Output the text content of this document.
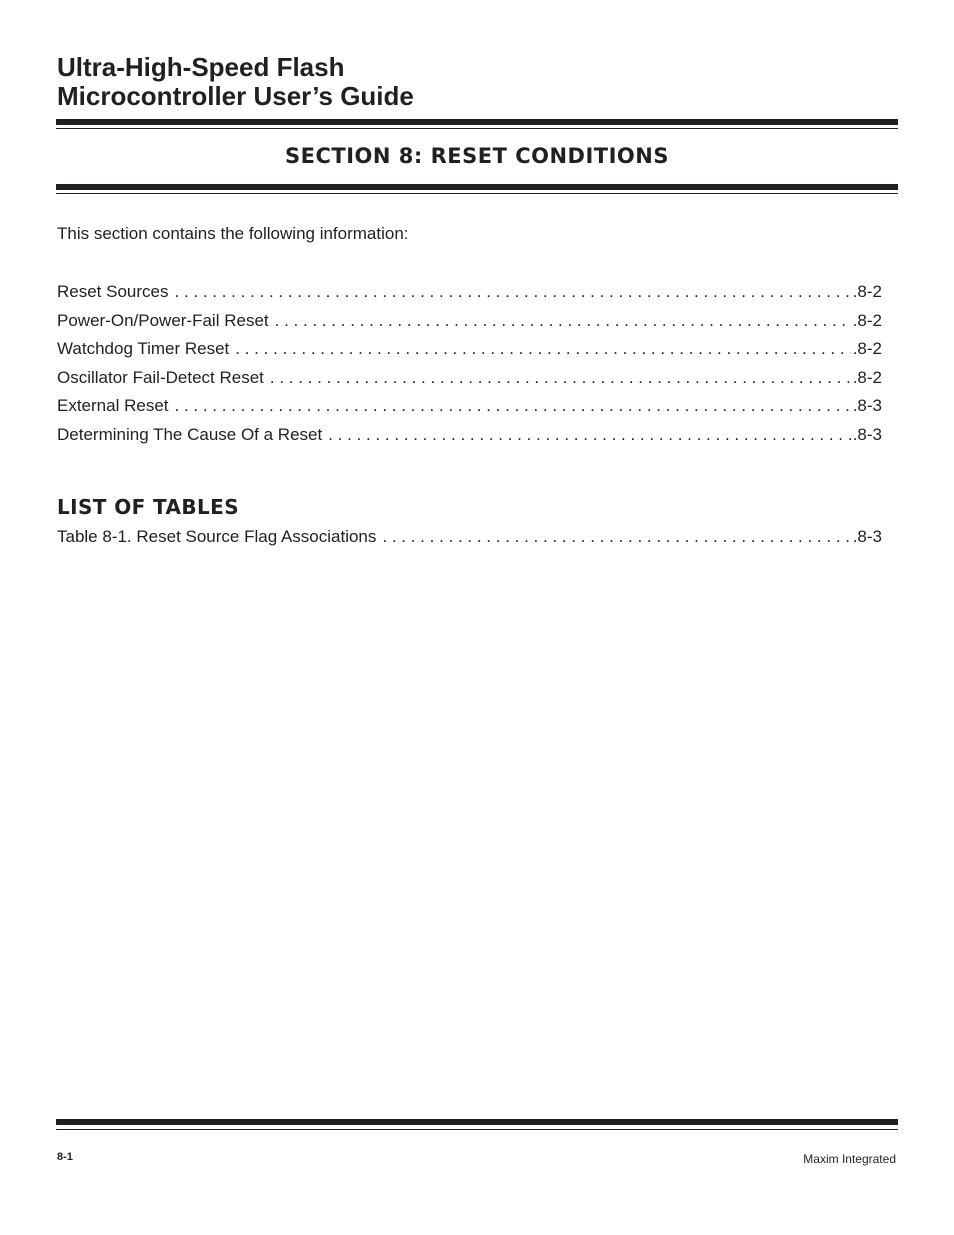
Ultra-High-Speed Flash
Microcontroller User’s Guide
SECTION 8: RESET CONDITIONS

This section contains the following information:

Reset Sources . . .	.8-2
Power-On/Power-Fail Reset . . .	.8-2
Watchdog Timer Reset . . .	.8-2
Oscillator Fail-Detect Reset . . .	.8-2
External Reset . . .	.8-3
Determining The Cause Of a Reset . . .	.8-3
LIST OF TABLES
Table 8-1. Reset Source Flag Associations . . .	.8-3
8-1	Maxim Integrated
